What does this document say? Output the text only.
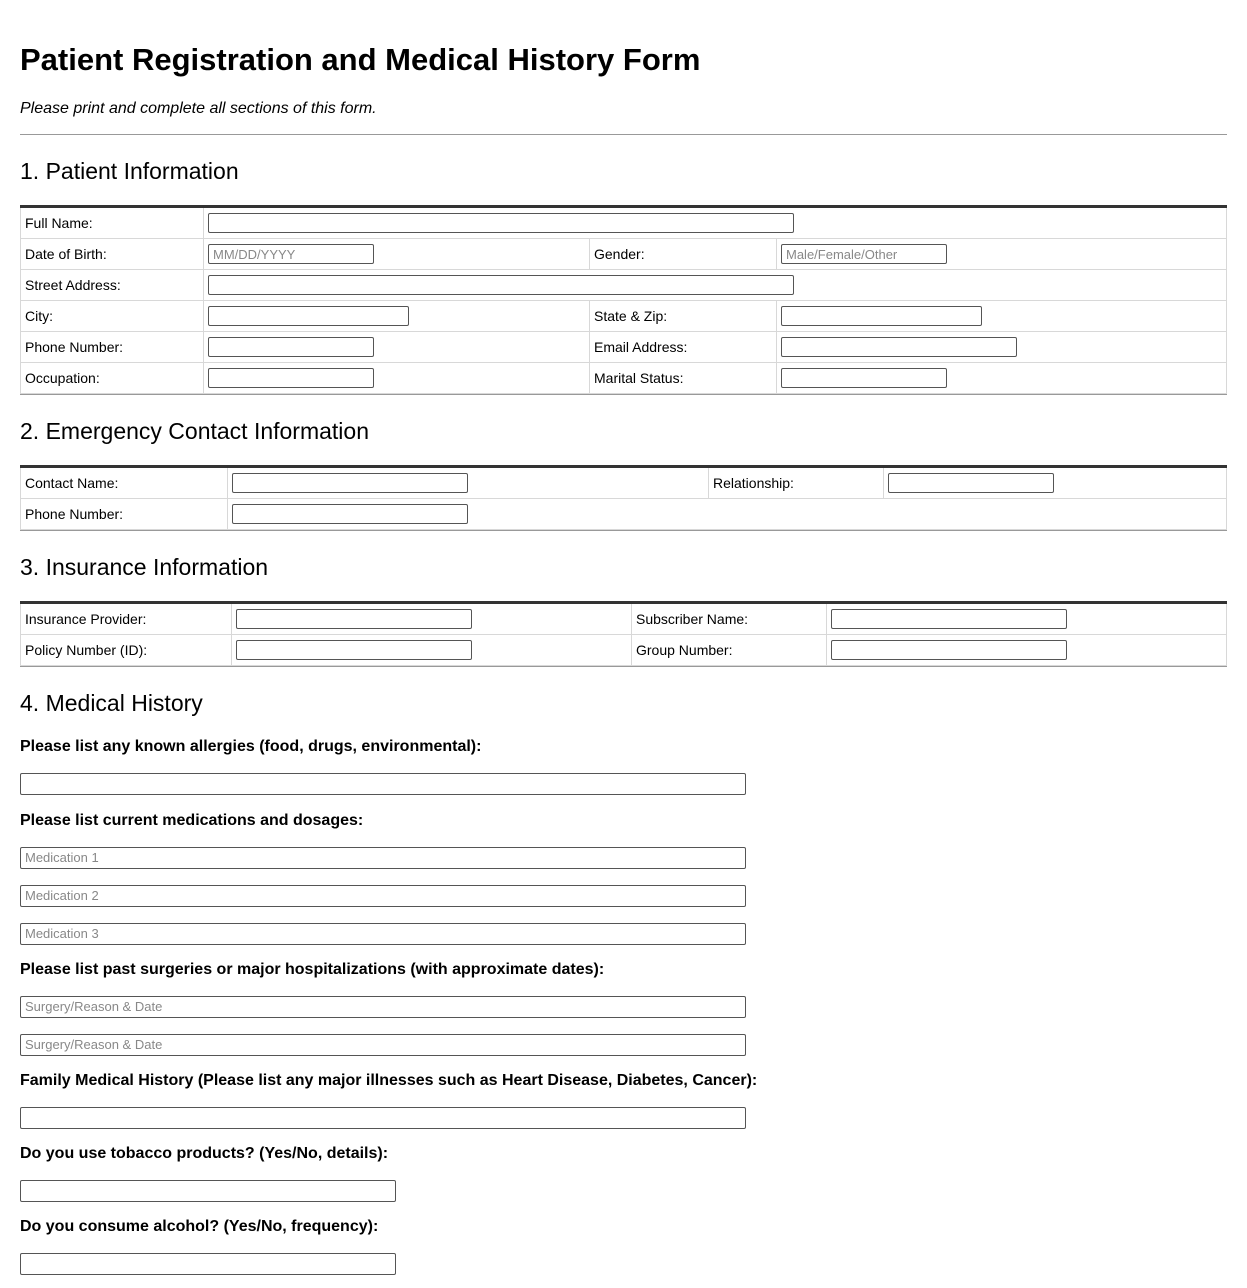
Patient Registration and Medical History Form
Please print and complete all sections of this form.
1. Patient Information
Full Name:			

Date of Birth:	MM/DD/YYYY	Gender:	Male/Female/Other

Street Address:			

City:		State & Zip:	

Phone Number:		Email Address:	

Occupation:		Marital Status:	
2. Emergency Contact Information
Contact Name:		Relationship:	

Phone Number:			
3. Insurance Information
Insurance Provider:		Subscriber Name:	

Policy Number (ID):		Group Number:	
4. Medical History
Please list any known allergies (food, drugs, environmental):
Please list current medications and dosages:
Medication 1
Medication 2
Medication 3
Please list past surgeries or major hospitalizations (with approximate dates):
Surgery/Reason & Date
Surgery/Reason & Date
Family Medical History (Please list any major illnesses such as Heart Disease, Diabetes, Cancer):
Do you use tobacco products? (Yes/No, details):
Do you consume alcohol? (Yes/No, frequency):
